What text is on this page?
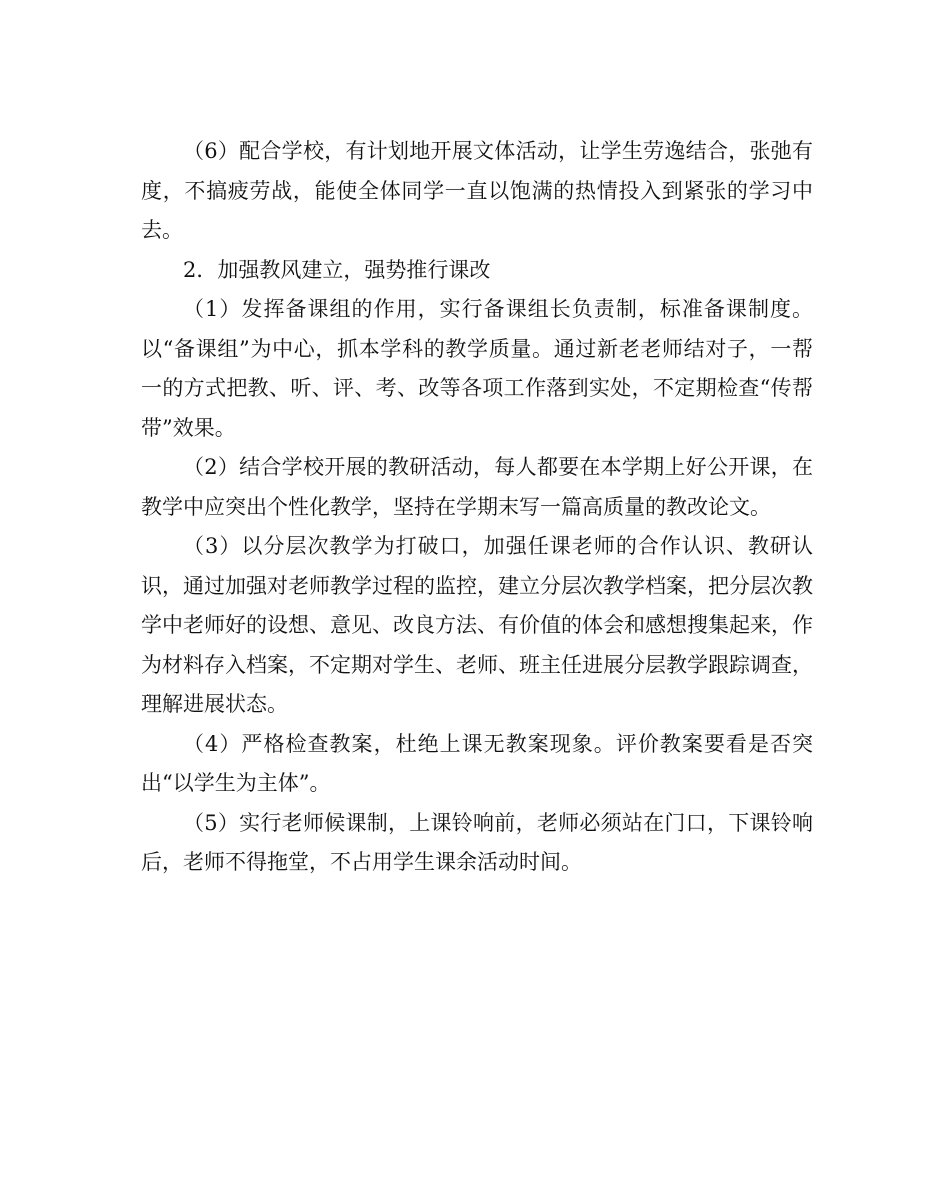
（6）配合学校，有计划地开展文体活动，让学生劳逸结合，张弛有度，不搞疲劳战，能使全体同学一直以饱满的热情投入到紧张的学习中去。

2．加强教风建立，强势推行课改

（1）发挥备课组的作用，实行备课组长负责制，标准备课制度。以“备课组”为中心，抓本学科的教学质量。通过新老老师结对子，一帮一的方式把教、听、评、考、改等各项工作落到实处，不定期检查“传帮带”效果。

（2）结合学校开展的教研活动，每人都要在本学期上好公开课，在教学中应突出个性化教学，坚持在学期末写一篇高质量的教改论文。

（3）以分层次教学为打破口，加强任课老师的合作认识、教研认识，通过加强对老师教学过程的监控，建立分层次教学档案，把分层次教学中老师好的设想、意见、改良方法、有价值的体会和感想搜集起来，作为材料存入档案，不定期对学生、老师、班主任进展分层教学跟踪调查，理解进展状态。

（4）严格检查教案，杜绝上课无教案现象。评价教案要看是否突出“以学生为主体”。

（5）实行老师候课制，上课铃响前，老师必须站在门口，下课铃响后，老师不得拖堂，不占用学生课余活动时间。
